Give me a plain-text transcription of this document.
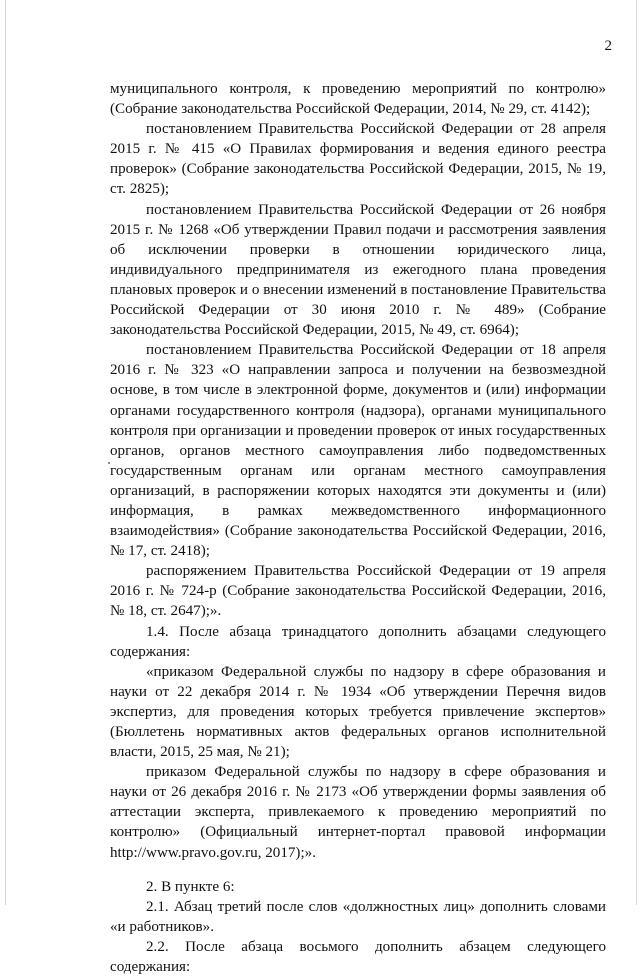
2

муниципального контроля, к проведению мероприятий по контролю» (Собрание законодательства Российской Федерации, 2014, № 29, ст. 4142);

постановлением Правительства Российской Федерации от 28 апреля 2015 г. № 415 «О Правилах формирования и ведения единого реестра проверок» (Собрание законодательства Российской Федерации, 2015, № 19, ст. 2825);

постановлением Правительства Российской Федерации от 26 ноября 2015 г. № 1268 «Об утверждении Правил подачи и рассмотрения заявления об исключении проверки в отношении юридического лица, индивидуального предпринимателя из ежегодного плана проведения плановых проверок и о внесении изменений в постановление Правительства Российской Федерации от 30 июня 2010 г. № 489» (Собрание законодательства Российской Федерации, 2015, № 49, ст. 6964);

постановлением Правительства Российской Федерации от 18 апреля 2016 г. № 323 «О направлении запроса и получении на безвозмездной основе, в том числе в электронной форме, документов и (или) информации органами государственного контроля (надзора), органами муниципального контроля при организации и проведении проверок от иных государственных органов, органов местного самоуправления либо подведомственных государственным органам или органам местного самоуправления организаций, в распоряжении которых находятся эти документы и (или) информация, в рамках межведомственного информационного взаимодействия» (Собрание законодательства Российской Федерации, 2016, № 17, ст. 2418);

распоряжением Правительства Российской Федерации от 19 апреля 2016 г. № 724-р (Собрание законодательства Российской Федерации, 2016, № 18, ст. 2647);».

1.4. После абзаца тринадцатого дополнить абзацами следующего содержания:

«приказом Федеральной службы по надзору в сфере образования и науки от 22 декабря 2014 г. № 1934 «Об утверждении Перечня видов экспертиз, для проведения которых требуется привлечение экспертов» (Бюллетень нормативных актов федеральных органов исполнительной власти, 2015, 25 мая, № 21);

приказом Федеральной службы по надзору в сфере образования и науки от 26 декабря 2016 г. № 2173 «Об утверждении формы заявления об аттестации эксперта, привлекаемого к проведению мероприятий по контролю» (Официальный интернет-портал правовой информации http://www.pravo.gov.ru, 2017);».

2. В пункте 6:

2.1. Абзац третий после слов «должностных лиц» дополнить словами «и работников».

2.2. После абзаца восьмого дополнить абзацем следующего содержания:
